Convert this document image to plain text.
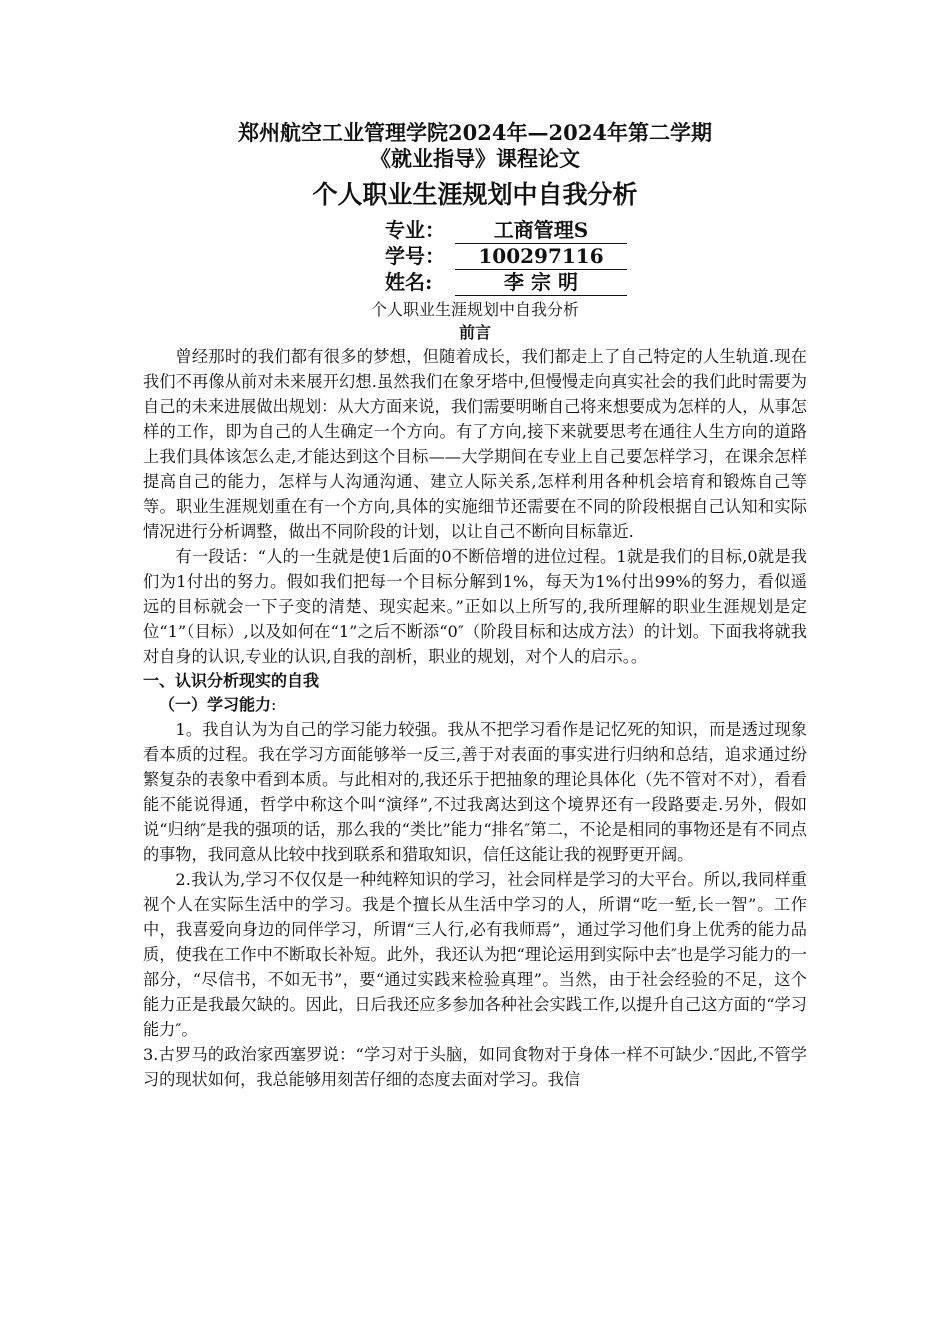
郑州航空工业管理学院2024年—2024年第二学期
《就业指导》课程论文
个人职业生涯规划中自我分析
专业：	工商管理S
学号：	100297116
姓名:	李 宗 明
个人职业生涯规划中自我分析
前言

曾经那时的我们都有很多的梦想，但随着成长，我们都走上了自己特定的人生轨道.现在我们不再像从前对未来展开幻想.虽然我们在象牙塔中,但慢慢走向真实社会的我们此时需要为自己的未来进展做出规划：从大方面来说，我们需要明晰自己将来想要成为怎样的人，从事怎样的工作，即为自己的人生确定一个方向。有了方向,接下来就要思考在通往人生方向的道路上我们具体该怎么走,才能达到这个目标——大学期间在专业上自己要怎样学习，在课余怎样提高自己的能力，怎样与人沟通沟通、建立人际关系,怎样利用各种机会培育和锻炼自己等等。职业生涯规划重在有一个方向,具体的实施细节还需要在不同的阶段根据自己认知和实际情况进行分析调整，做出不同阶段的计划，以让自己不断向目标靠近.

有一段话：“人的一生就是使1后面的0不断倍增的进位过程。1就是我们的目标,0就是我们为1付出的努力。假如我们把每一个目标分解到1%，每天为1%付出99%的努力，看似遥远的目标就会一下子变的清楚、现实起来。”正如以上所写的,我所理解的职业生涯规划是定位“1”（目标）,以及如何在“1”之后不断添“0″（阶段目标和达成方法）的计划。下面我将就我对自身的认识,专业的认识,自我的剖析，职业的规划，对个人的启示。。

一、认识分析现实的自我
（一）学习能力:

1。我自认为为自己的学习能力较强。我从不把学习看作是记忆死的知识，而是透过现象看本质的过程。我在学习方面能够举一反三,善于对表面的事实进行归纳和总结，追求通过纷繁复杂的表象中看到本质。与此相对的,我还乐于把抽象的理论具体化（先不管对不对），看看能不能说得通，哲学中称这个叫“演绎”,不过我离达到这个境界还有一段路要走.另外，假如说“归纳″是我的强项的话，那么我的“类比”能力“排名″第二，不论是相同的事物还是有不同点的事物，我同意从比较中找到联系和猎取知识，信任这能让我的视野更开阔。

2.我认为,学习不仅仅是一种纯粹知识的学习，社会同样是学习的大平台。所以,我同样重视个人在实际生活中的学习。我是个擅长从生活中学习的人，所谓“吃一堑,长一智”。工作中，我喜爱向身边的同伴学习，所谓“三人行,必有我师焉”，通过学习他们身上优秀的能力品质，使我在工作中不断取长补短。此外，我还认为把“理论运用到实际中去″也是学习能力的一部分，“尽信书，不如无书”，要“通过实践来检验真理”。当然，由于社会经验的不足，这个能力正是我最欠缺的。因此，日后我还应多参加各种社会实践工作,以提升自己这方面的“学习能力″。

3.古罗马的政治家西塞罗说：“学习对于头脑，如同食物对于身体一样不可缺少.″因此,不管学习的现状如何，我总能够用刻苦仔细的态度去面对学习。我信
